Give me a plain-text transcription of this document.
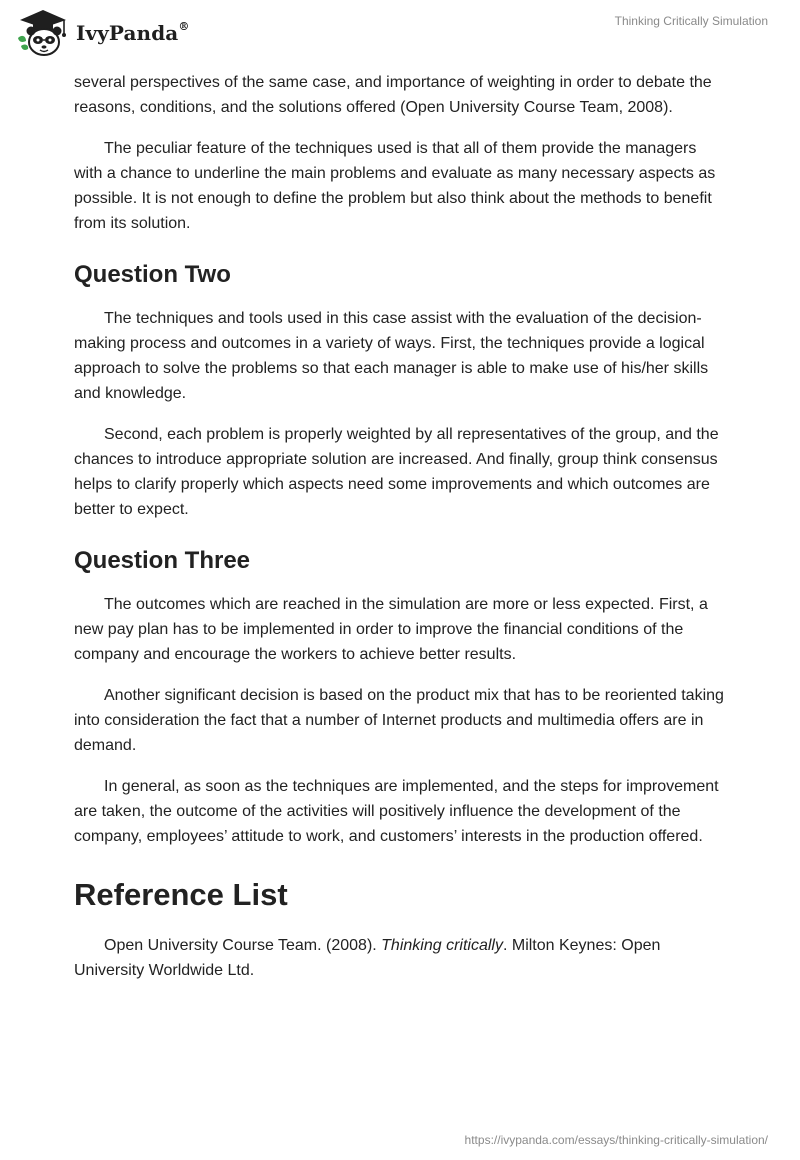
IvyPanda®	Thinking Critically Simulation

several perspectives of the same case, and importance of weighting in order to debate the reasons, conditions, and the solutions offered (Open University Course Team, 2008).

The peculiar feature of the techniques used is that all of them provide the managers with a chance to underline the main problems and evaluate as many necessary aspects as possible. It is not enough to define the problem but also think about the methods to benefit from its solution.

Question Two

The techniques and tools used in this case assist with the evaluation of the decision-making process and outcomes in a variety of ways. First, the techniques provide a logical approach to solve the problems so that each manager is able to make use of his/her skills and knowledge.

Second, each problem is properly weighted by all representatives of the group, and the chances to introduce appropriate solution are increased. And finally, group think consensus helps to clarify properly which aspects need some improvements and which outcomes are better to expect.

Question Three

The outcomes which are reached in the simulation are more or less expected. First, a new pay plan has to be implemented in order to improve the financial conditions of the company and encourage the workers to achieve better results.

Another significant decision is based on the product mix that has to be reoriented taking into consideration the fact that a number of Internet products and multimedia offers are in demand.

In general, as soon as the techniques are implemented, and the steps for improvement are taken, the outcome of the activities will positively influence the development of the company, employees’ attitude to work, and customers’ interests in the production offered.

Reference List

Open University Course Team. (2008). Thinking critically. Milton Keynes: Open University Worldwide Ltd.

https://ivypanda.com/essays/thinking-critically-simulation/
